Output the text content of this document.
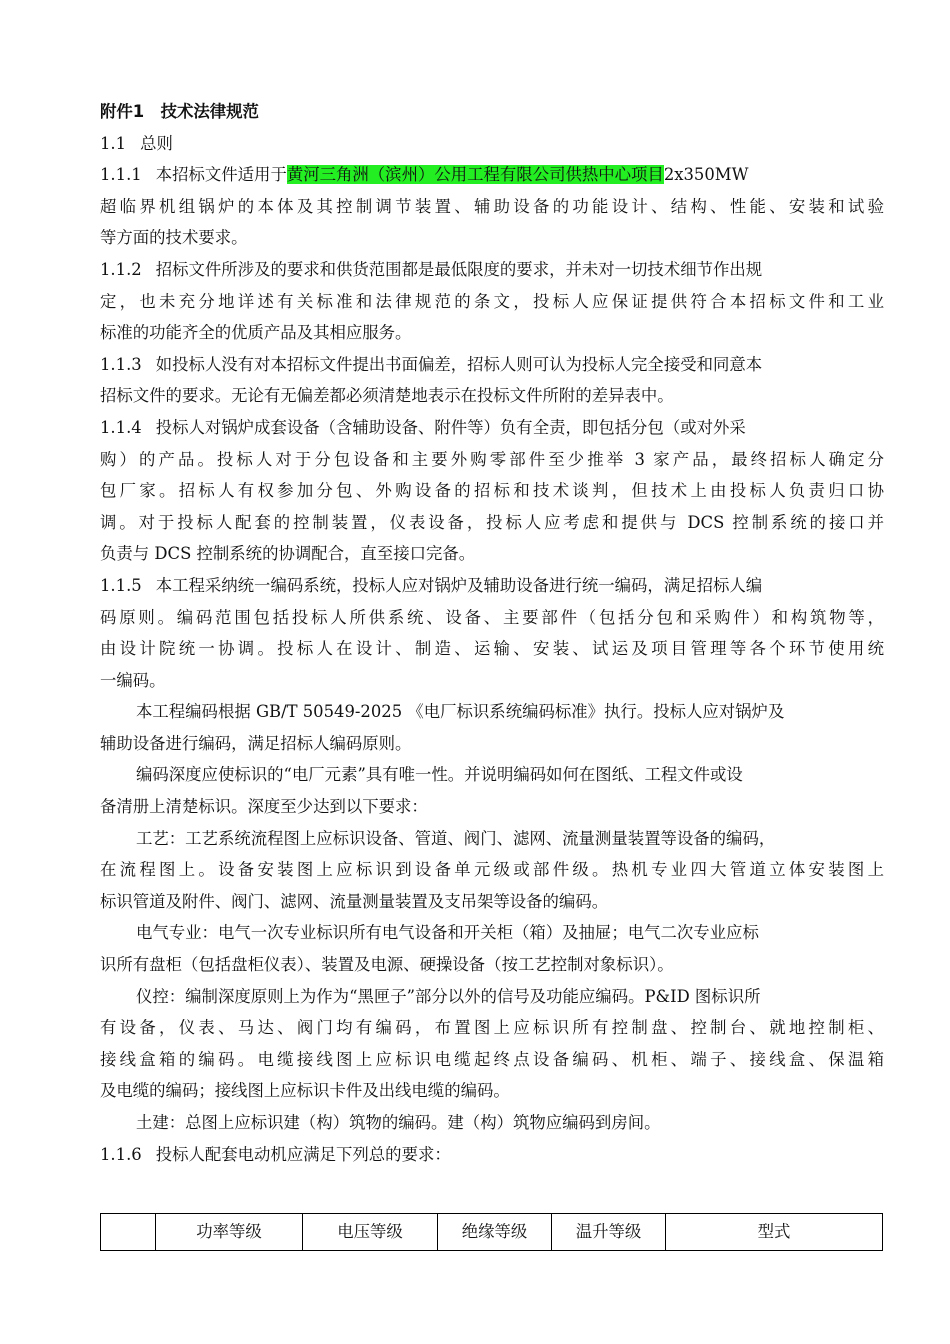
附件1　技术法律规范
1.1 总则
1.1.1 本招标文件适用于黄河三角洲（滨州）公用工程有限公司供热中心项目2x350MW
超临界机组锅炉的本体及其控制调节装置、辅助设备的功能设计、结构、性能、安装和试验
等方面的技术要求。
1.1.2 招标文件所涉及的要求和供货范围都是最低限度的要求，并未对一切技术细节作出规
定，也未充分地详述有关标准和法律规范的条文，投标人应保证提供符合本招标文件和工业
标准的功能齐全的优质产品及其相应服务。
1.1.3 如投标人没有对本招标文件提出书面偏差，招标人则可认为投标人完全接受和同意本
招标文件的要求。无论有无偏差都必须清楚地表示在投标文件所附的差异表中。
1.1.4 投标人对锅炉成套设备（含辅助设备、附件等）负有全责，即包括分包（或对外采
购）的产品。投标人对于分包设备和主要外购零部件至少推举 3 家产品，最终招标人确定分
包厂家。招标人有权参加分包、外购设备的招标和技术谈判，但技术上由投标人负责归口协
调。对于投标人配套的控制装置，仪表设备，投标人应考虑和提供与 DCS 控制系统的接口并
负责与 DCS 控制系统的协调配合，直至接口完备。
1.1.5 本工程采纳统一编码系统，投标人应对锅炉及辅助设备进行统一编码，满足招标人编
码原则。编码范围包括投标人所供系统、设备、主要部件（包括分包和采购件）和构筑物等，
由设计院统一协调。投标人在设计、制造、运输、安装、试运及项目管理等各个环节使用统
一编码。
本工程编码根据 GB/T 50549-2025 《电厂标识系统编码标准》执行。投标人应对锅炉及
辅助设备进行编码，满足招标人编码原则。
编码深度应使标识的“电厂元素”具有唯一性。并说明编码如何在图纸、工程文件或设
备清册上清楚标识。深度至少达到以下要求：
工艺：工艺系统流程图上应标识设备、管道、阀门、滤网、流量测量装置等设备的编码，
在流程图上。设备安装图上应标识到设备单元级或部件级。热机专业四大管道立体安装图上
标识管道及附件、阀门、滤网、流量测量装置及支吊架等设备的编码。
电气专业：电气一次专业标识所有电气设备和开关柜（箱）及抽屉；电气二次专业应标
识所有盘柜（包括盘柜仪表）、装置及电源、硬操设备（按工艺控制对象标识）。
仪控：编制深度原则上为作为“黑匣子”部分以外的信号及功能应编码。P&ID 图标识所
有设备，仪表、马达、阀门均有编码，布置图上应标识所有控制盘、控制台、就地控制柜、
接线盒箱的编码。电缆接线图上应标识电缆起终点设备编码、机柜、端子、接线盒、保温箱
及电缆的编码；接线图上应标识卡件及出线电缆的编码。
土建：总图上应标识建（构）筑物的编码。建（构）筑物应编码到房间。
1.1.6 投标人配套电动机应满足下列总的要求：
	功率等级	电压等级	绝缘等级	温升等级	型式
